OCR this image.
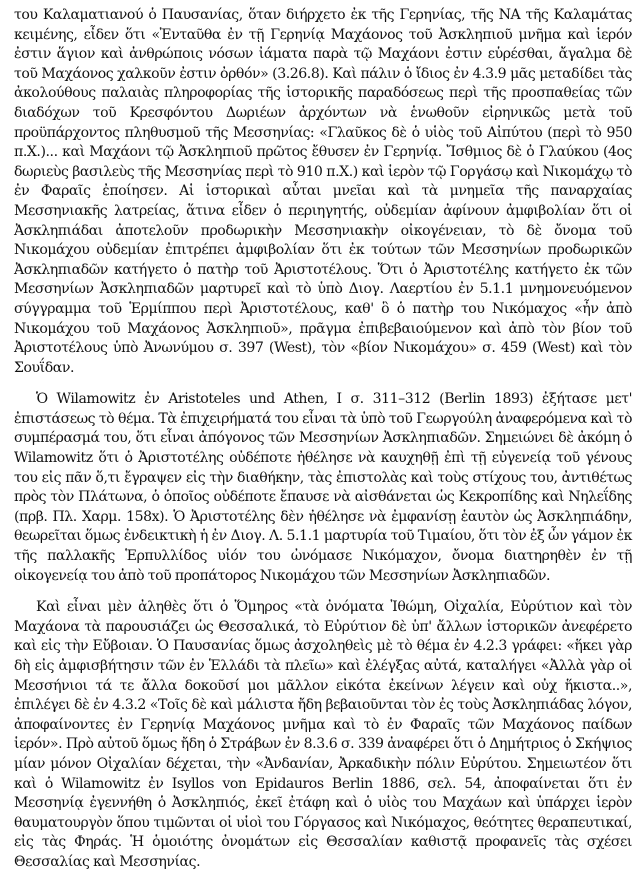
του Καλαματιανού ὁ Παυσανίας, ὅταν διήρχετο ἐκ τῆς Γερηνίας, τῆς ΝΑ τῆς Καλαμάτας κειμένης, εἶδεν ὅτι «Ἐνταῦθα ἐν τῇ Γερηνίᾳ Μαχάονος τοῦ Ἀσκληπιοῦ μνῆμα καὶ ἱερόν ἐστιν ἅγιον καὶ ἀνθρώποις νόσων ἰάματα παρὰ τῷ Μαχάονι ἐστιν εὑρέσθαι, ἄγαλμα δὲ τοῦ Μαχάονος χαλκοῦν ἐστιν ὀρθόν» (3.26.8). Καὶ πάλιν ὁ ἴδιος ἐν 4.3.9 μᾶς μεταδίδει τὰς ἀκολούθους παλαιὰς πληροφορίας τῆς ἱστορικῆς παραδόσεως περὶ τῆς προσπαθείας τῶν διαδόχων τοῦ Κρεσφόντου Δωριέων ἀρχόντων νὰ ἑνωθοῦν εἰρηνικῶς μετὰ τοῦ προϋπάρχοντος πληθυσμοῦ τῆς Μεσσηνίας: «Γλαῦκος δὲ ὁ υἱὸς τοῦ Αἰπύτου (περὶ τὸ 950 π.Χ.)... καὶ Μαχάονι τῷ Ἀσκληπιοῦ πρῶτος ἔθυσεν ἐν Γερηνίᾳ. Ἴσθμιος δὲ ὁ Γλαύκου (4ος δωριεὺς βασιλεὺς τῆς Μεσσηνίας περὶ τὸ 910 π.Χ.) καὶ ἱερὸν τῷ Γοργάσῳ καὶ Νικομάχῳ τὸ ἐν Φαραῖς ἐποίησεν. Αἱ ἱστορικαὶ αὗται μνεῖαι καὶ τὰ μνημεῖα τῆς παναρχαίας Μεσσηνιακῆς λατρείας, ἅτινα εἶδεν ὁ περιηγητής, οὐδεμίαν ἀφίνουν ἀμφιβολίαν ὅτι οἱ Ἀσκληπιάδαι ἀποτελοῦν προδωρικὴν Μεσσηνιακὴν οἰκογένειαν, τὸ δὲ ὄνομα τοῦ Νικομάχου οὐδεμίαν ἐπιτρέπει ἀμφιβολίαν ὅτι ἐκ τούτων τῶν Μεσσηνίων προδωρικῶν Ἀσκληπιαδῶν κατήγετο ὁ πατὴρ τοῦ Ἀριστοτέλους. Ὅτι ὁ Ἀριστοτέλης κατήγετο ἐκ τῶν Μεσσηνίων Ἀσκληπιαδῶν μαρτυρεῖ καὶ τὸ ὑπὸ Διογ. Λαερτίου ἐν 5.1.1 μνημονευόμενον σύγγραμμα τοῦ Ἑρμίππου περὶ Ἀριστοτέλους, καθ' ὃ ὁ πατὴρ του Νικόμαχος «ἦν ἀπὸ Νικομάχου τοῦ Μαχάονος Ἀσκληπιοῦ», πρᾶγμα ἐπιβεβαιούμενον καὶ ἀπὸ τὸν βίον τοῦ Ἀριστοτέλους ὑπὸ Ἀνωνύμου σ. 397 (West), τὸν «βίον Νικομάχου» σ. 459 (West) καὶ τὸν Σουΐδαν.

Ὁ Wilamowitz ἐν Aristoteles und Athen, I σ. 311–312 (Berlin 1893) ἐξήτασε μετ' ἐπιστάσεως τὸ θέμα. Τὰ ἐπιχειρήματά του εἶναι τὰ ὑπὸ τοῦ Γεωργούλη ἀναφερόμενα καὶ τὸ συμπέρασμά του, ὅτι εἶναι ἀπόγονος τῶν Μεσσηνίων Ἀσκληπιαδῶν. Σημειώνει δὲ ἀκόμη ὁ Wilamowitz ὅτι ὁ Ἀριστοτέλης οὐδέποτε ἠθέλησε νὰ καυχηθῇ ἐπὶ τῇ εὐγενείᾳ τοῦ γένους του εἰς πᾶν ὅ,τι ἔγραψεν εἰς τὴν διαθήκην, τὰς ἐπιστολὰς καὶ τοὺς στίχους του, ἀντιθέτως πρὸς τὸν Πλάτωνα, ὁ ὁποῖος οὐδέποτε ἔπαυσε νὰ αἰσθάνεται ὡς Κεκροπίδης καὶ Νηλεΐδης (πρβ. Πλ. Χαρμ. 158x). Ὁ Ἀριστοτέλης δὲν ἠθέλησε νὰ ἐμφανίσῃ ἑαυτὸν ὡς Ἀσκληπιάδην, θεωρεῖται ὅμως ἐνδεικτικὴ ἡ ἐν Διογ. Λ. 5.1.1 μαρτυρία τοῦ Τιμαίου, ὅτι τὸν ἐξ ὧν γάμον ἐκ τῆς παλλακῆς Ἑρπυλλίδος υἱόν του ὠνόμασε Νικόμαχον, ὄνομα διατηρηθὲν ἐν τῇ οἰκογενείᾳ του ἀπὸ τοῦ προπάτορος Νικομάχου τῶν Μεσσηνίων Ἀσκληπιαδῶν.

Καὶ εἶναι μὲν ἀληθὲς ὅτι ὁ Ὅμηρος «τὰ ὀνόματα Ἰθώμη, Οἰχαλία, Εὐρύτιον καὶ τὸν Μαχάονα τὰ παρουσιάζει ὡς Θεσσαλικά, τὸ Εὐρύτιον δὲ ὑπ' ἄλλων ἱστορικῶν ἀνεφέρετο καὶ εἰς τὴν Εὔβοιαν. Ὁ Παυσανίας ὅμως ἀσχοληθεὶς μὲ τὸ θέμα ἐν 4.2.3 γράφει: «ἥκει γὰρ δὴ εἰς ἀμφισβήτησιν τῶν ἐν Ἑλλάδι τὰ πλεῖω» καὶ ἐλέγξας αὐτά, καταλήγει «Ἀλλὰ γὰρ οἱ Μεσσήνιοι τά τε ἄλλα δοκοῦσί μοι μᾶλλον εἰκότα ἐκείνων λέγειν καὶ οὐχ ἥκιστα..», ἐπιλέγει δὲ ἐν 4.3.2 «Τοῖς δὲ καὶ μάλιστα ἤδη βεβαιοῦνται τὸν ἐς τοὺς Ἀσκληπιάδας λόγον, ἀποφαίνοντες ἐν Γερηνίᾳ Μαχάονος μνῆμα καὶ τὸ ἐν Φαραῖς τῶν Μαχάονος παίδων ἱερόν». Πρὸ αὐτοῦ ὅμως ἤδη ὁ Στράβων ἐν 8.3.6 σ. 339 ἀναφέρει ὅτι ὁ Δημήτριος ὁ Σκήψιος μίαν μόνον Οἰχαλίαν δέχεται, τὴν «Ἀνδανίαν, Ἀρκαδικὴν πόλιν Εὐρύτου. Σημειωτέον ὅτι καὶ ὁ Wilamowitz ἐν Isyllos von Epidauros Berlin 1886, σελ. 54, ἀποφαίνεται ὅτι ἐν Μεσσηνίᾳ ἐγεννήθη ὁ Ἀσκληπιός, ἐκεῖ ἐτάφη καὶ ὁ υἱὸς του Μαχάων καὶ ὑπάρχει ἱερὸν θαυματουργὸν ὅπου τιμῶνται οἱ υἱοὶ του Γόργασος καὶ Νικόμαχος, θεότητες θεραπευτικαί, εἰς τὰς Φηράς. Ἡ ὁμοιότης ὀνομάτων εἰς Θεσσαλίαν καθιστᾷ προφανεῖς τὰς σχέσει Θεσσαλίας καὶ Μεσσηνίας.
